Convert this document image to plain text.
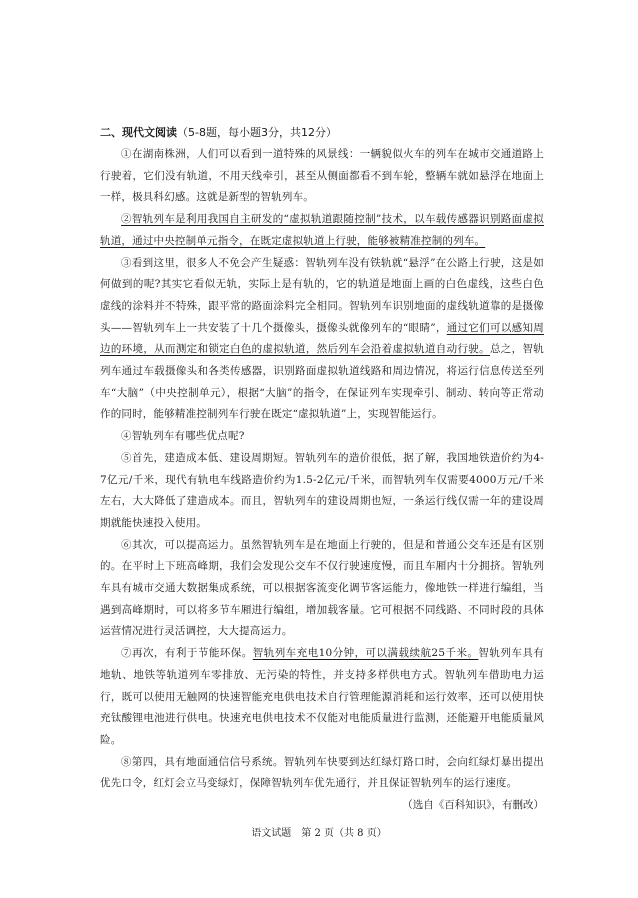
二、现代文阅读（5-8题，每小题3分，共12分）

①在湖南株洲，人们可以看到一道特殊的风景线：一辆貌似火车的列车在城市交通道路上行驶着，它们没有轨道，不用天线牵引，甚至从侧面都看不到车轮，整辆车就如悬浮在地面上一样，极具科幻感。这就是新型的智轨列车。

②智轨列车是利用我国自主研发的“虚拟轨道跟随控制”技术，以车载传感器识别路面虚拟轨道，通过中央控制单元指令，在既定虚拟轨道上行驶，能够被精准控制的列车。

③看到这里，很多人不免会产生疑惑：智轨列车没有铁轨就“悬浮”在公路上行驶，这是如何做到的呢?其实它看似无轨，实际上是有轨的，它的轨道是地面上画的白色虚线，这些白色虚线的涂料并不特殊，跟平常的路面涂料完全相同。智轨列车识别地面的虚线轨道靠的是摄像头——智轨列车上一共安装了十几个摄像头，摄像头就像列车的“眼睛”，通过它们可以感知周边的环境，从而测定和锁定白色的虚拟轨道，然后列车会沿着虚拟轨道自动行驶。总之，智轨列车通过车载摄像头和各类传感器，识别路面虚拟轨道线路和周边情况，将运行信息传送至列车“大脑”（中央控制单元），根据“大脑”的指令，在保证列车实现牵引、制动、转向等正常动作的同时，能够精准控制列车行驶在既定“虚拟轨道”上，实现智能运行。

④智轨列车有哪些优点呢?

⑤首先，建造成本低、建设周期短。智轨列车的造价很低，据了解，我国地铁造价约为4-7亿元/千米，现代有轨电车线路造价约为1.5-2亿元/千米，而智轨列车仅需要4000万元/千米左右，大大降低了建造成本。而且，智轨列车的建设周期也短，一条运行线仅需一年的建设周期就能快速投入使用。

⑥其次，可以提高运力。虽然智轨列车是在地面上行驶的，但是和普通公交车还是有区别的。在平时上下班高峰期，我们会发现公交车不仅行驶速度慢，而且车厢内十分拥挤。智轨列车具有城市交通大数据集成系统，可以根据客流变化调节客运能力，像地铁一样进行编组，当遇到高峰期时，可以将多节车厢进行编组，增加载客量。它可根据不同线路、不同时段的具体运营情况进行灵活调控，大大提高运力。

⑦再次，有利于节能环保。智轨列车充电10分钟，可以满载续航25千米。智轨列车具有地轨、地铁等轨道列车零排放、无污染的特性，并支持多样供电方式。智轨列车借助电力运行，既可以使用无触网的快速智能充电供电技术自行管理能源消耗和运行效率，还可以使用快充钛酸锂电池进行供电。快速充电供电技术不仅能对电能质量进行监测，还能避开电能质量风险。

⑧第四，具有地面通信信号系统。智轨列车快要到达红绿灯路口时，会向红绿灯暴出提出优先口令，红灯会立马变绿灯，保障智轨列车优先通行，并且保证智轨列车的运行速度。

（选自《百科知识》，有删改）

语文试题　第 2 页（共 8 页）
